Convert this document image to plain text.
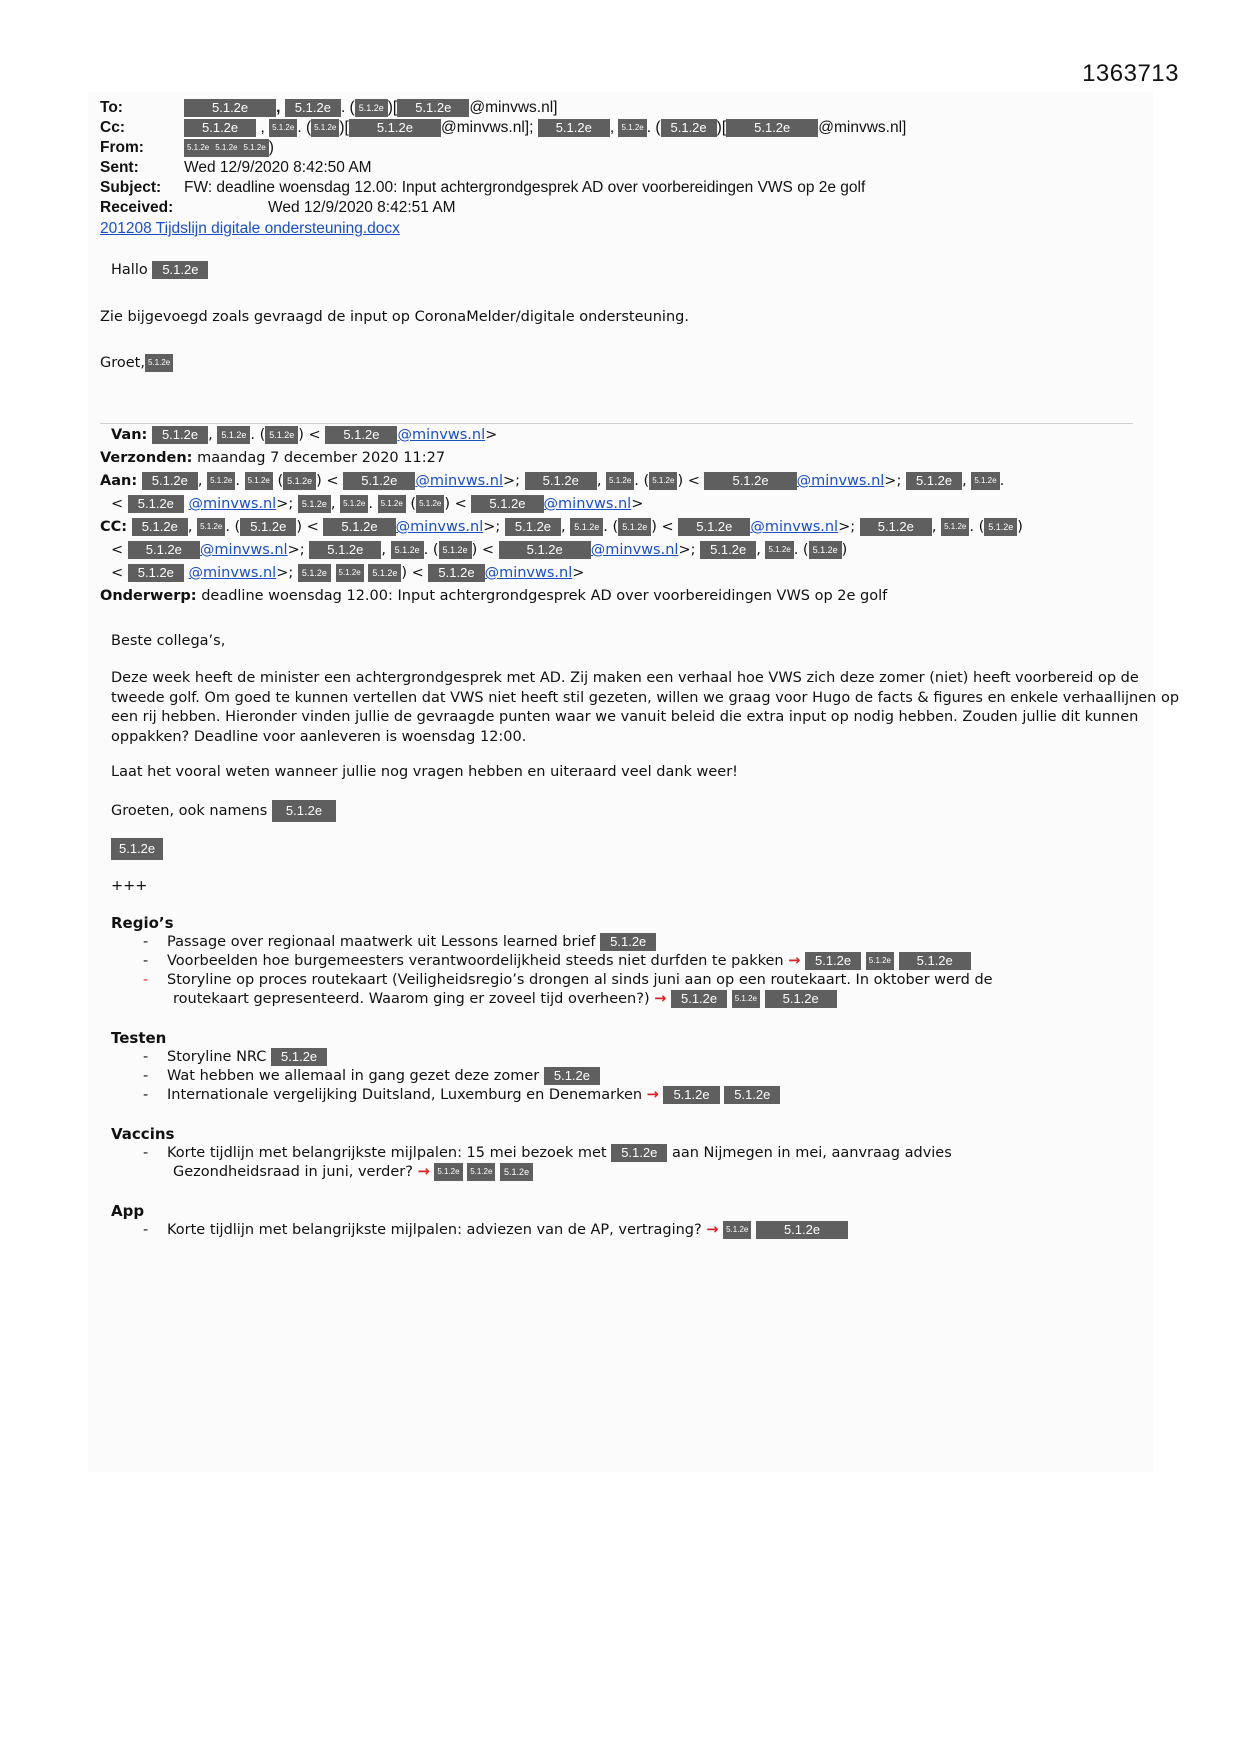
1363713
To:	5.1.2e , 5.1.2e . ( 5.1.2e )[ 5.1.2e @minvws.nl]
Cc:	5.1.2e , 5.1.2e . ( 5.1.2e )[ 5.1.2e @minvws.nl]; 5.1.2e , 5.1.2e . ( 5.1.2e )[ 5.1.2e @minvws.nl]
From:	5.1.2e 5.1.2e 5.1.2e )
Sent:	Wed 12/9/2020 8:42:50 AM
Subject: FW: deadline woensdag 12.00: Input achtergrondgesprek AD over voorbereidingen VWS op 2e golf
Received:	Wed 12/9/2020 8:42:51 AM
201208 Tijdslijn digitale ondersteuning.docx
Hallo 5.1.2e
Zie bijgevoegd zoals gevraagd de input op CoronaMelder/digitale ondersteuning.
Groet, 5.1.2e
Van: 5.1.2e , 5.1.2e . ( 5.1.2e ) < 5.1.2e @minvws.nl>
Verzonden: maandag 7 december 2020 11:27
Aan: 5.1.2e , 5.1.2e . 5.1.2e ( 5.1.2e ) < 5.1.2e @minvws.nl>; 5.1.2e , 5.1.2e . ( 5.1.2e ) < 5.1.2e @minvws.nl>; 5.1.2e , 5.1.2e .
< 5.1.2e @minvws.nl>; 5.1.2e , 5.1.2e . 5.1.2e ( 5.1.2e ) < 5.1.2e @minvws.nl>
CC: 5.1.2e , 5.1.2e . ( 5.1.2e ) < 5.1.2e @minvws.nl>; 5.1.2e , 5.1.2e . ( 5.1.2e ) < 5.1.2e @minvws.nl>; 5.1.2e , 5.1.2e . ( 5.1.2e )
< 5.1.2e @minvws.nl>; 5.1.2e , 5.1.2e . ( 5.1.2e ) < 5.1.2e @minvws.nl>; 5.1.2e , 5.1.2e . ( 5.1.2e )
< 5.1.2e @minvws.nl>; 5.1.2e 5.1.2e 5.1.2e ) < 5.1.2e @minvws.nl>
Onderwerp: deadline woensdag 12.00: Input achtergrondgesprek AD over voorbereidingen VWS op 2e golf
Beste collega’s,
Deze week heeft de minister een achtergrondgesprek met AD. Zij maken een verhaal hoe VWS zich deze zomer (niet) heeft voorbereid op de tweede golf. Om goed te kunnen vertellen dat VWS niet heeft stil gezeten, willen we graag voor Hugo de facts & figures en enkele verhaallijnen op een rij hebben. Hieronder vinden jullie de gevraagde punten waar we vanuit beleid die extra input op nodig hebben. Zouden jullie dit kunnen oppakken? Deadline voor aanleveren is woensdag 12:00.
Laat het vooral weten wanneer jullie nog vragen hebben en uiteraard veel dank weer!
Groeten, ook namens 5.1.2e
5.1.2e
+++
Regio’s
- Passage over regionaal maatwerk uit Lessons learned brief 5.1.2e
- Voorbeelden hoe burgemeesters verantwoordelijkheid steeds niet durfden te pakken → 5.1.2e 5.1.2e 5.1.2e
- Storyline op proces routekaart (Veiligheidsregio’s drongen al sinds juni aan op een routekaart. In oktober werd de
routekaart gepresenteerd. Waarom ging er zoveel tijd overheen?) → 5.1.2e 5.1.2e 5.1.2e
Testen
- Storyline NRC 5.1.2e
- Wat hebben we allemaal in gang gezet deze zomer 5.1.2e
- Internationale vergelijking Duitsland, Luxemburg en Denemarken → 5.1.2e 5.1.2e
Vaccins
- Korte tijdlijn met belangrijkste mijlpalen: 15 mei bezoek met 5.1.2e aan Nijmegen in mei, aanvraag advies
Gezondheidsraad in juni, verder? → 5.1.2e 5.1.2e 5.1.2e
App
- Korte tijdlijn met belangrijkste mijlpalen: adviezen van de AP, vertraging? → 5.1.2e	5.1.2e
